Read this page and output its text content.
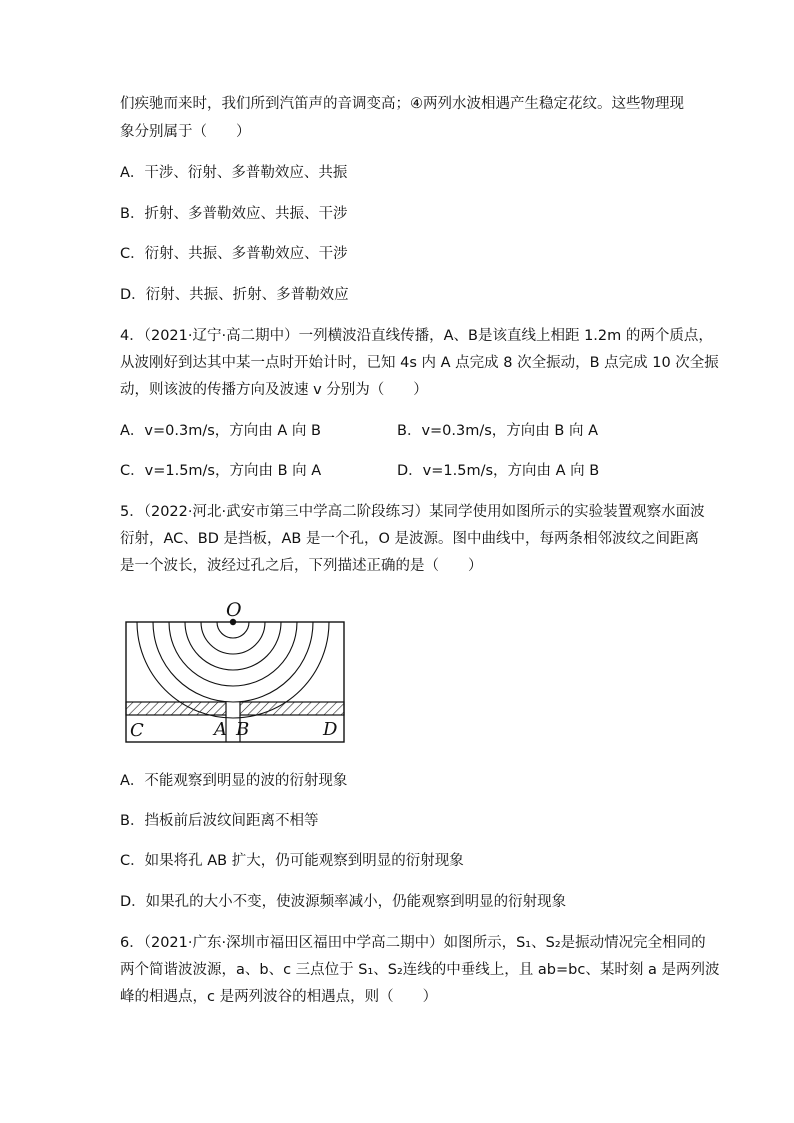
们疾驰而来时，我们所到汽笛声的音调变高；④两列水波相遇产生稳定花纹。这些物理现
象分别属于（　　）
A．干涉、衍射、多普勒效应、共振
B．折射、多普勒效应、共振、干涉
C．衍射、共振、多普勒效应、干涉
D．衍射、共振、折射、多普勒效应
4．（2021·辽宁·高二期中）一列横波沿直线传播，A、B是该直线上相距 1.2m 的两个质点，
从波刚好到达其中某一点时开始计时，已知 4s 内 A 点完成 8 次全振动，B 点完成 10 次全振
动，则该波的传播方向及波速 v 分别为（　　）
A．v=0.3m/s，方向由 A 向 B	B．v=0.3m/s，方向由 B 向 A
C．v=1.5m/s，方向由 B 向 A	D．v=1.5m/s，方向由 A 向 B
5．（2022·河北·武安市第三中学高二阶段练习）某同学使用如图所示的实验装置观察水面波
衍射，AC、BD 是挡板，AB 是一个孔，O 是波源。图中曲线中，每两条相邻波纹之间距离
是一个波长，波经过孔之后，下列描述正确的是（　　）
O
C	A B	D
A．不能观察到明显的波的衍射现象
B．挡板前后波纹间距离不相等
C．如果将孔 AB 扩大，仍可能观察到明显的衍射现象
D．如果孔的大小不变，使波源频率减小，仍能观察到明显的衍射现象
6．（2021·广东·深圳市福田区福田中学高二期中）如图所示，S₁、S₂是振动情况完全相同的
两个简谐波波源，a、b、c 三点位于 S₁、S₂连线的中垂线上，且 ab=bc、某时刻 a 是两列波
峰的相遇点，c 是两列波谷的相遇点，则（　　）
